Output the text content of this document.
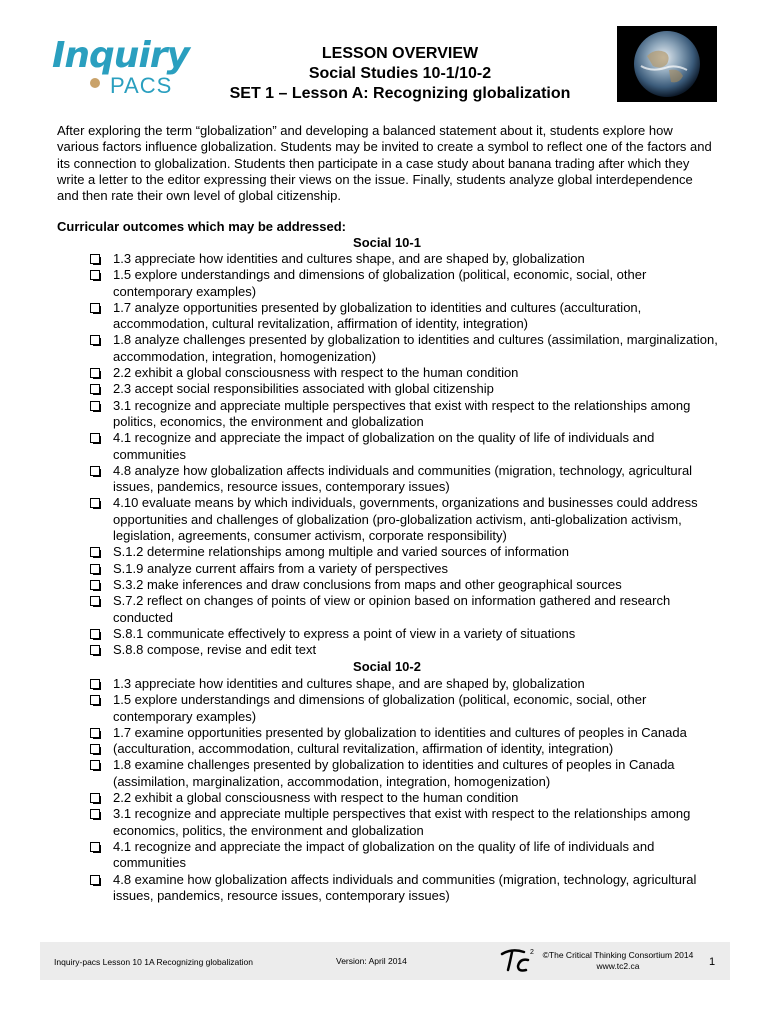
Inquiry
PACS
LESSON OVERVIEW
Social Studies 10-1/10-2
SET 1 – Lesson A: Recognizing globalization
After exploring the term “globalization” and developing a balanced statement about it, students explore how various factors influence globalization. Students may be invited to create a symbol to reflect one of the factors and its connection to globalization. Students then participate in a case study about banana trading after which they write a letter to the editor expressing their views on the issue. Finally, students analyze global interdependence and then rate their own level of global citizenship.
Curricular outcomes which may be addressed:
Social 10-1
1.3 appreciate how identities and cultures shape, and are shaped by, globalization
1.5 explore understandings and dimensions of globalization (political, economic, social, other contemporary examples)
1.7 analyze opportunities presented by globalization to identities and cultures (acculturation, accommodation, cultural revitalization, affirmation of identity, integration)
1.8 analyze challenges presented by globalization to identities and cultures (assimilation, marginalization, accommodation, integration, homogenization)
2.2 exhibit a global consciousness with respect to the human condition
2.3 accept social responsibilities associated with global citizenship
3.1 recognize and appreciate multiple perspectives that exist with respect to the relationships among politics, economics, the environment and globalization
4.1 recognize and appreciate the impact of globalization on the quality of life of individuals and communities
4.8 analyze how globalization affects individuals and communities (migration, technology, agricultural issues, pandemics, resource issues, contemporary issues)
4.10 evaluate means by which individuals, governments, organizations and businesses could address opportunities and challenges of globalization (pro-globalization activism, anti-globalization activism, legislation, agreements, consumer activism, corporate responsibility)
S.1.2 determine relationships among multiple and varied sources of information
S.1.9 analyze current affairs from a variety of perspectives
S.3.2 make inferences and draw conclusions from maps and other geographical sources
S.7.2 reflect on changes of points of view or opinion based on information gathered and research conducted
S.8.1 communicate effectively to express a point of view in a variety of situations
S.8.8 compose, revise and edit text
Social 10-2
1.3 appreciate how identities and cultures shape, and are shaped by, globalization
1.5 explore understandings and dimensions of globalization (political, economic, social, other contemporary examples)
1.7 examine opportunities presented by globalization to identities and cultures of peoples in Canada
(acculturation, accommodation, cultural revitalization, affirmation of identity, integration)
1.8 examine challenges presented by globalization to identities and cultures of peoples in Canada (assimilation, marginalization, accommodation, integration, homogenization)
2.2 exhibit a global consciousness with respect to the human condition
3.1 recognize and appreciate multiple perspectives that exist with respect to the relationships among economics, politics, the environment and globalization
4.1 recognize and appreciate the impact of globalization on the quality of life of individuals and communities
4.8 examine how globalization affects individuals and communities (migration, technology, agricultural issues, pandemics, resource issues, contemporary issues)
Inquiry-pacs Lesson 10 1A Recognizing globalization	Version: April 2014
2	©The Critical Thinking Consortium 2014
www.tc2.ca	1
